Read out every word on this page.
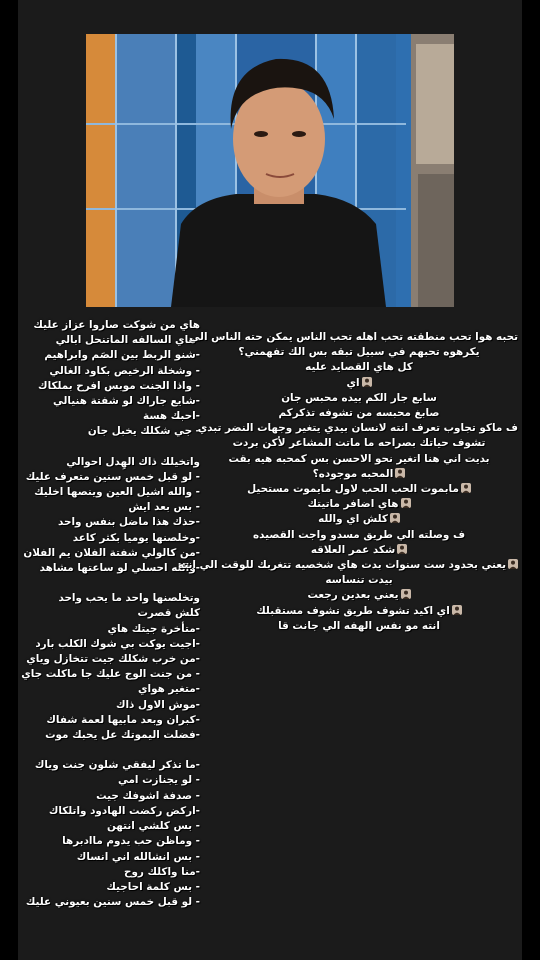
هاي من شوكت صاروا عزاز عليك
-هاي السالفه الماتنحل ابالي
-شنو الربط بين الصَم وابراهيم
- وشخلة الرخيص بكاود الغالي
- واذا الجنت موبس افرح بملكاك
-شايع جاراك لو شفتة هنيالي
-احبك هسة
- جي شكلك يخبل جان
واتخيلك ذاك الهِدل احوالي
- لو قبل خمس سنين متعرف عليك
- والله اشيل العين وينصها اخليك
- بس بعد ايش
-حذك هذا ماضل بنفس واحد
-وخلصنها يوميا بكثر كاعد
-من كالولي شفتة الفلان يم الفلان
-والله احسلي لو ساعتها مشاهد
وتخلصنها واحد ما يحب واحد
كلش قصرت
-متأخرة جيتك هاي
-اجيت يوكت بي شوك الكلب بارد
-من خرب شكلك جيت تتخازل وياي
- من جنت الوج عليك جا ماكلت جاي
-متغير هواي
-موش الاول ذاك
-كبران وبعد مابيها لعمة شفاك
-فضلت اليموتك عل يحبك موت
-ما تذكر ليفقي شلون جنت وياك
- لو يجنازت امي
- صدفة اشوفك جيت
-اركض ركضت الهادود واتلكاك
- بس كلشي انتهن
- وماظن حب يدوم ماادبرها
- بس انشالله اني انساك
-منا واكلك روح
- بس كلمة احاجيك
- لو قبل خمس سنين بعيوني عليك
تحبه هوا تحب منطقته تحب اهله تحب الناس يمكن حته الناس الي
يكرهوه تحبهم في سبيل تبقه بس الك تفهمني؟
كل هاي القصايد عليه
اي
سابع جار الكم بيده محبس جان
صابغ محبسه من تشوفه تذكركم
ف ماكو تجاوب تعرف انته لانسان بيدي يتغير وجهات النضر تبدي
تشوف حياتك بصراحه ما ماتت المشاعر لأكن بردت
بديت اني هنا اتغير نحو الاحسن بس كمحبه هيه بقت
المحبه موجوده؟
مابموت الحب الحب لاول مايموت مستحيل
هاي اضافر ماتيتك
كلش اي والله
ف وصلته الي طريق مسدو واجت القصيده
شكد عمر العلاقه
يعني بحدود ست سنوات بدت هاي شخصيه تتغربك للوقت الي انته
بيدت تنساسه
يعني بعدين رجعت
اي اكيد تشوف طريق تشوف مستقبلك
انته مو نفس الهفه الي جانت قا
